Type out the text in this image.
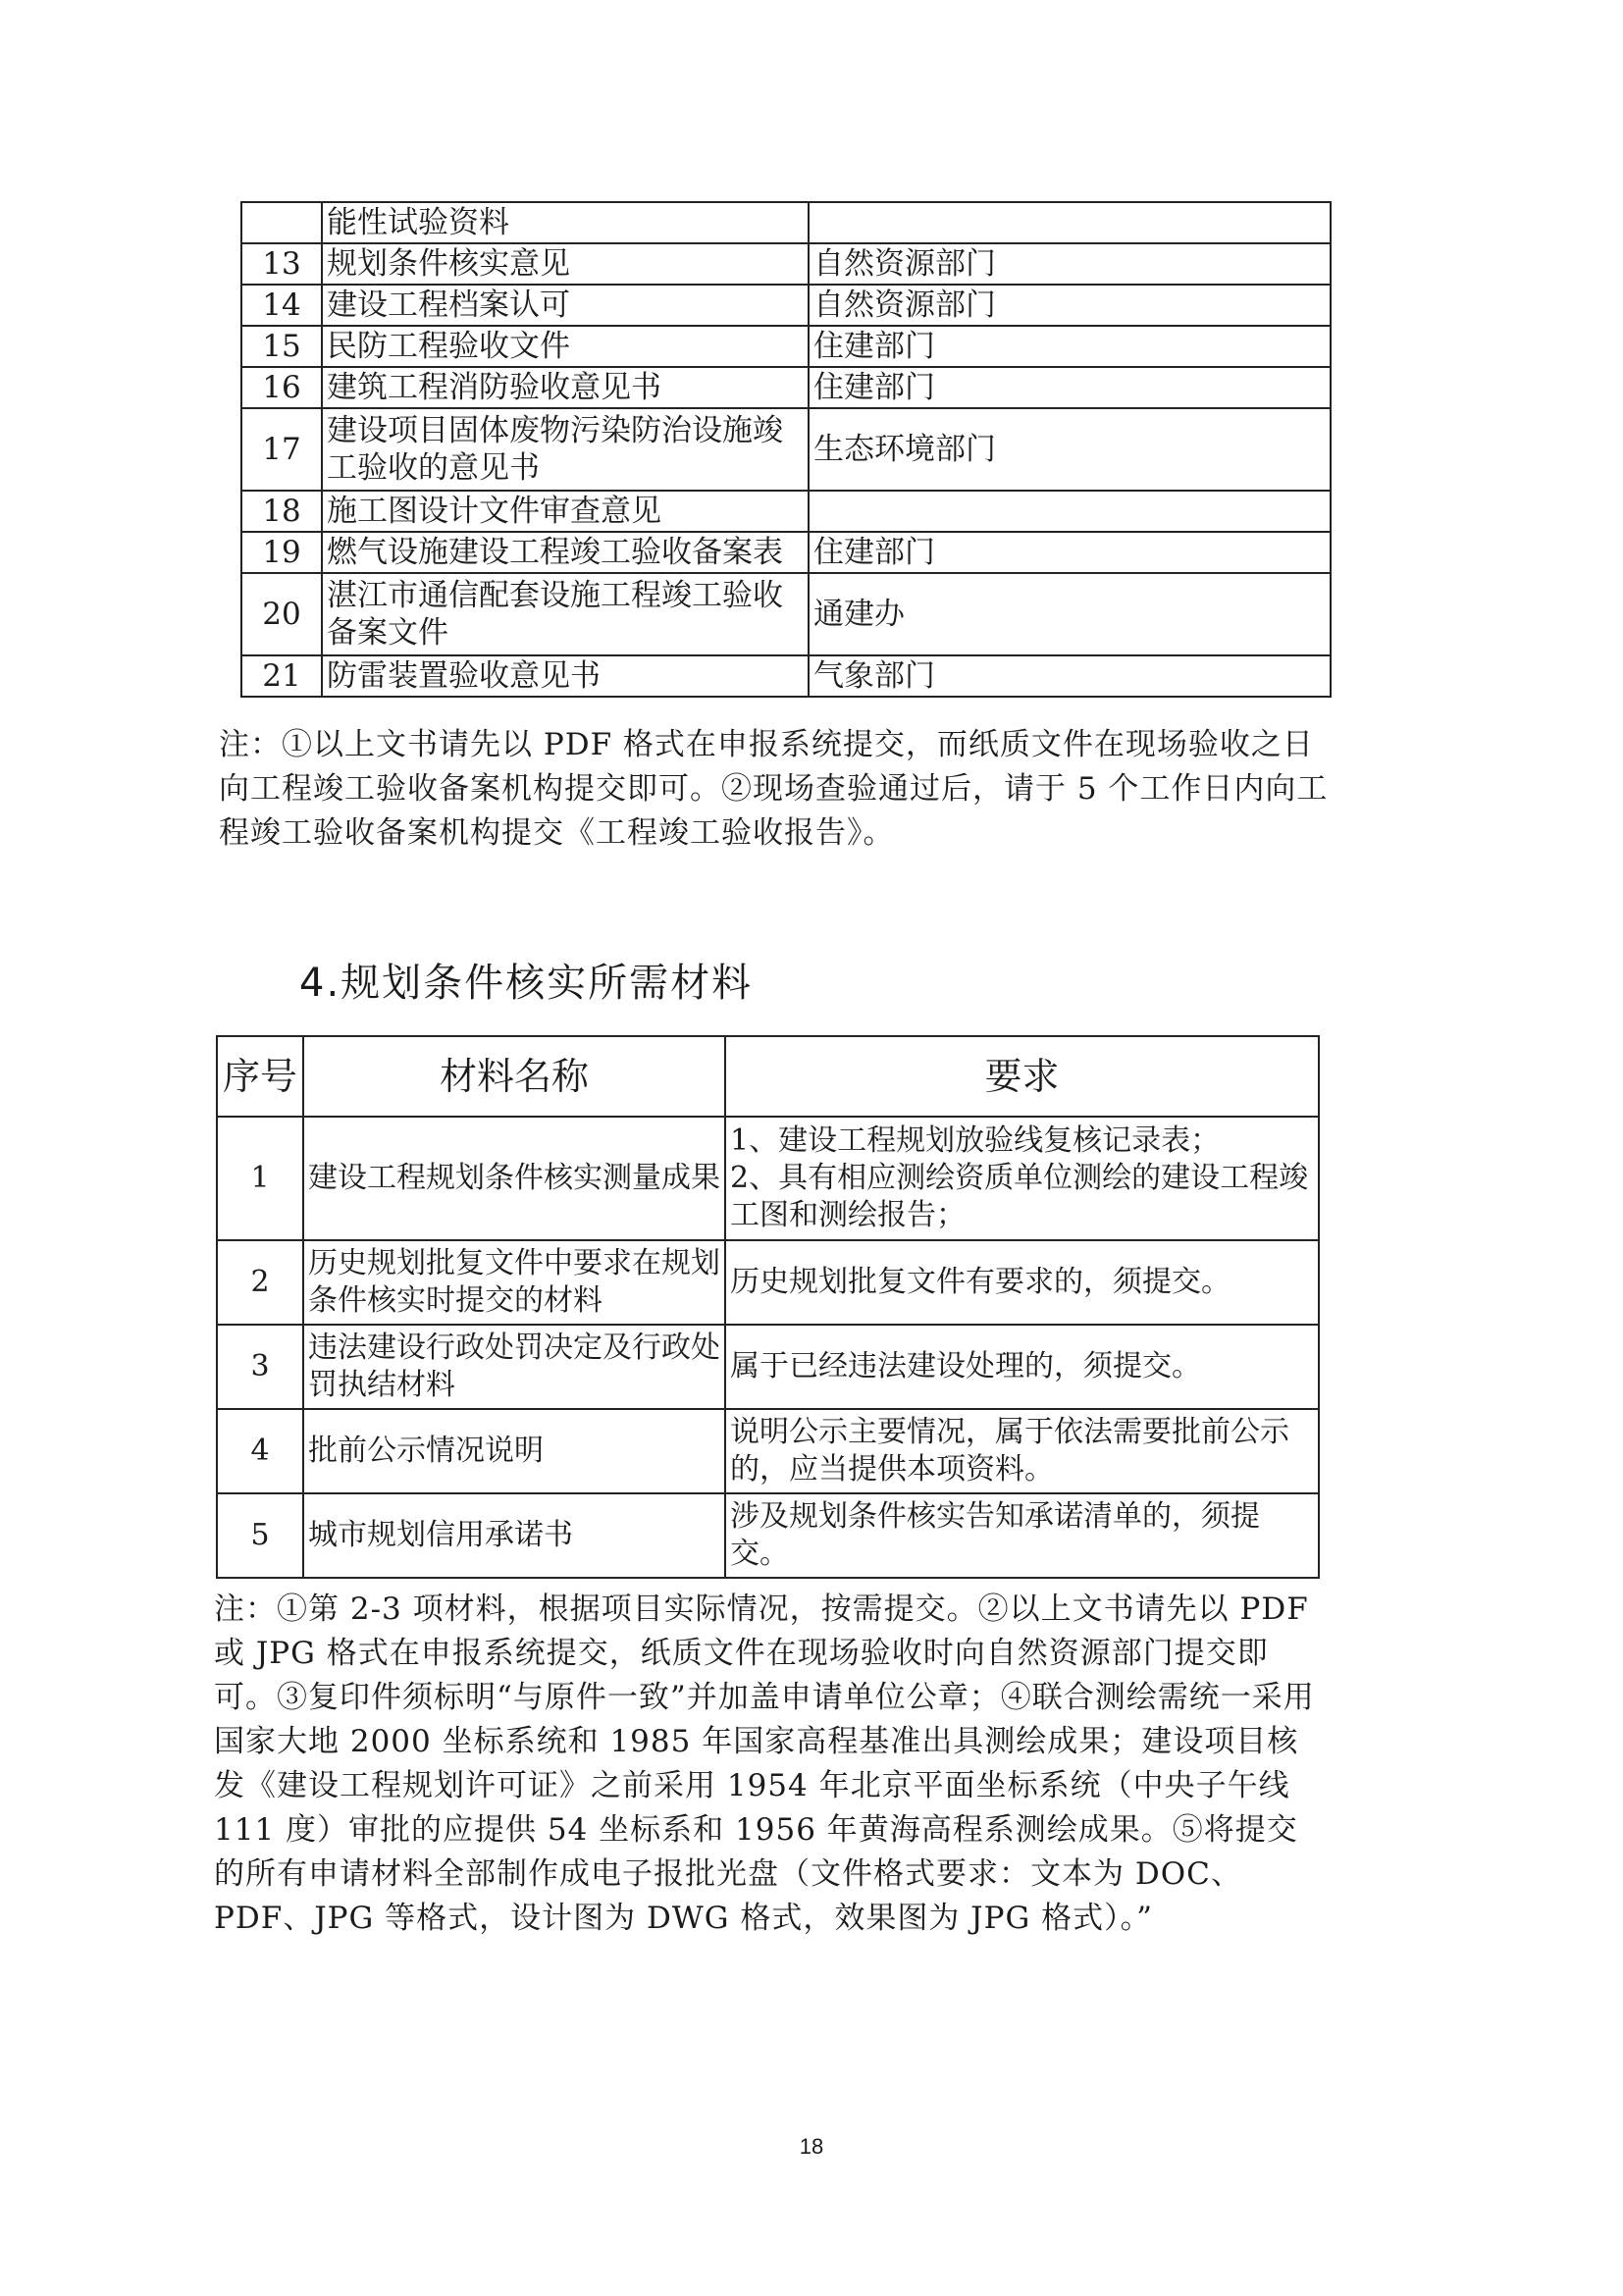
	能性试验资料	
13	规划条件核实意见	自然资源部门
14	建设工程档案认可	自然资源部门
15	民防工程验收文件	住建部门
16	建筑工程消防验收意见书	住建部门
17	建设项目固体废物污染防治设施竣工验收的意见书	生态环境部门
18	施工图设计文件审查意见	
19	燃气设施建设工程竣工验收备案表	住建部门
20	湛江市通信配套设施工程竣工验收备案文件	通建办
21	防雷装置验收意见书	气象部门
注：①以上文书请先以 PDF 格式在申报系统提交，而纸质文件在现场验收之日向工程竣工验收备案机构提交即可。②现场查验通过后，请于 5 个工作日内向工程竣工验收备案机构提交《工程竣工验收报告》。
4.规划条件核实所需材料
序号	材料名称	要求
1	建设工程规划条件核实测量成果	1、建设工程规划放验线复核记录表；
2、具有相应测绘资质单位测绘的建设工程竣工图和测绘报告；
2	历史规划批复文件中要求在规划条件核实时提交的材料	历史规划批复文件有要求的，须提交。
3	违法建设行政处罚决定及行政处罚执结材料	属于已经违法建设处理的，须提交。
4	批前公示情况说明	说明公示主要情况，属于依法需要批前公示的，应当提供本项资料。
5	城市规划信用承诺书	涉及规划条件核实告知承诺清单的，须提交。
注：①第 2-3 项材料，根据项目实际情况，按需提交。②以上文书请先以 PDF 或 JPG 格式在申报系统提交，纸质文件在现场验收时向自然资源部门提交即可。③复印件须标明“与原件一致”并加盖申请单位公章；④联合测绘需统一采用国家大地 2000 坐标系统和 1985 年国家高程基准出具测绘成果；建设项目核发《建设工程规划许可证》之前采用 1954 年北京平面坐标系统（中央子午线 111 度）审批的应提供 54 坐标系和 1956 年黄海高程系测绘成果。⑤将提交的所有申请材料全部制作成电子报批光盘（文件格式要求：文本为 DOC、PDF、JPG 等格式，设计图为 DWG 格式，效果图为 JPG 格式）。”
18
